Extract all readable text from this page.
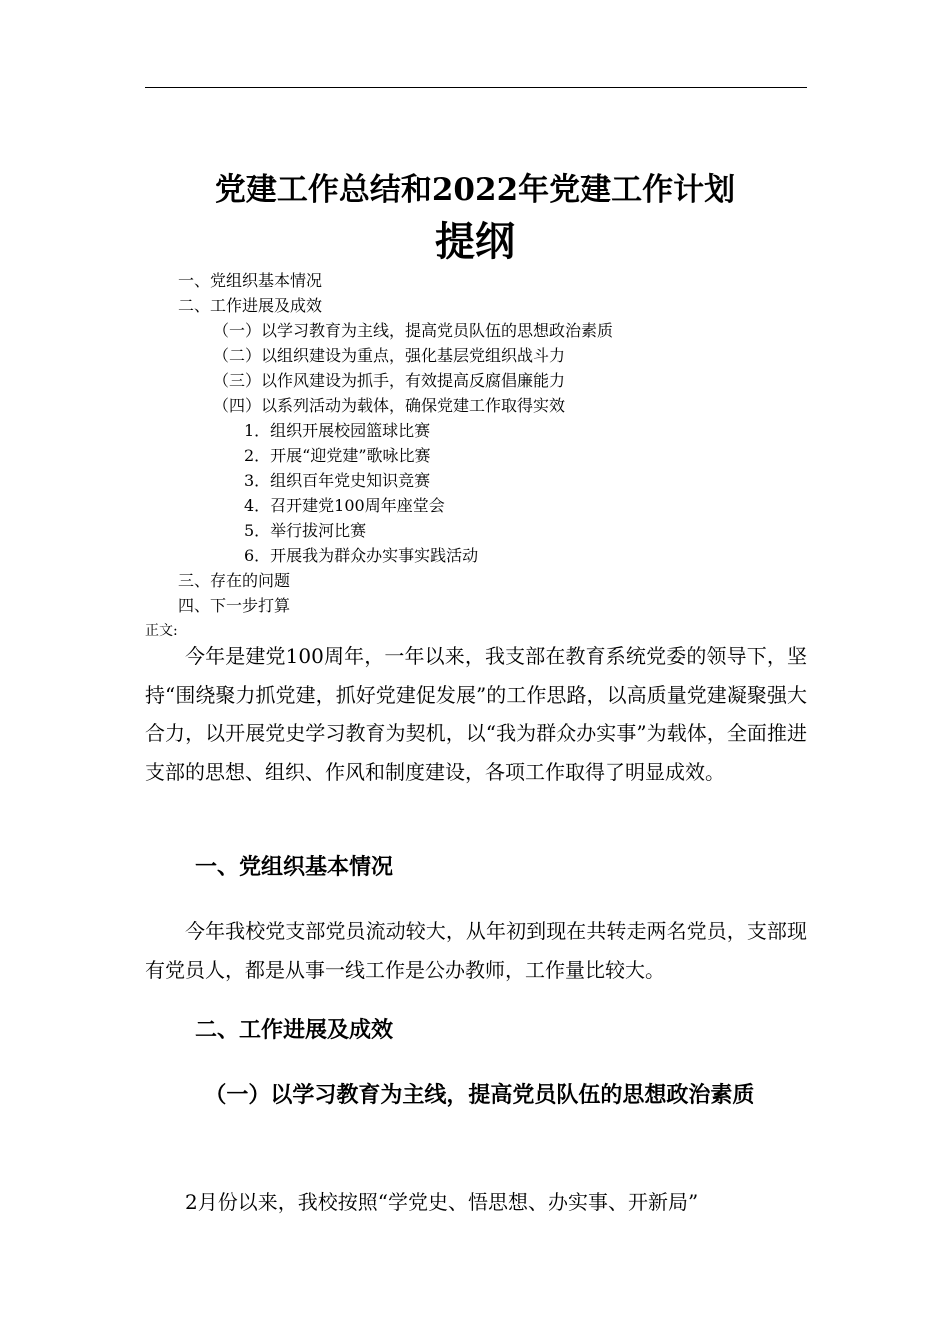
党建工作总结和2022年党建工作计划
提纲
一、党组织基本情况
二、工作进展及成效
（一）以学习教育为主线，提高党员队伍的思想政治素质
（二）以组织建设为重点，强化基层党组织战斗力
（三）以作风建设为抓手，有效提高反腐倡廉能力
（四）以系列活动为载体，确保党建工作取得实效
1．组织开展校园篮球比赛
2．开展“迎党建”歌咏比赛
3．组织百年党史知识竞赛
4．召开建党100周年座堂会
5．举行拔河比赛
6．开展我为群众办实事实践活动
三、存在的问题
四、下一步打算
正文:

今年是建党100周年，一年以来，我支部在教育系统党委的领导下，坚持“围绕聚力抓党建，抓好党建促发展”的工作思路，以高质量党建凝聚强大合力，以开展党史学习教育为契机，以“我为群众办实事”为载体，全面推进支部的思想、组织、作风和制度建设，各项工作取得了明显成效。

一、党组织基本情况

今年我校党支部党员流动较大，从年初到现在共转走两名党员，支部现有党员人，都是从事一线工作是公办教师，工作量比较大。

二、工作进展及成效

（一）以学习教育为主线，提高党员队伍的思想政治素质

2月份以来，我校按照“学党史、悟思想、办实事、开新局”
